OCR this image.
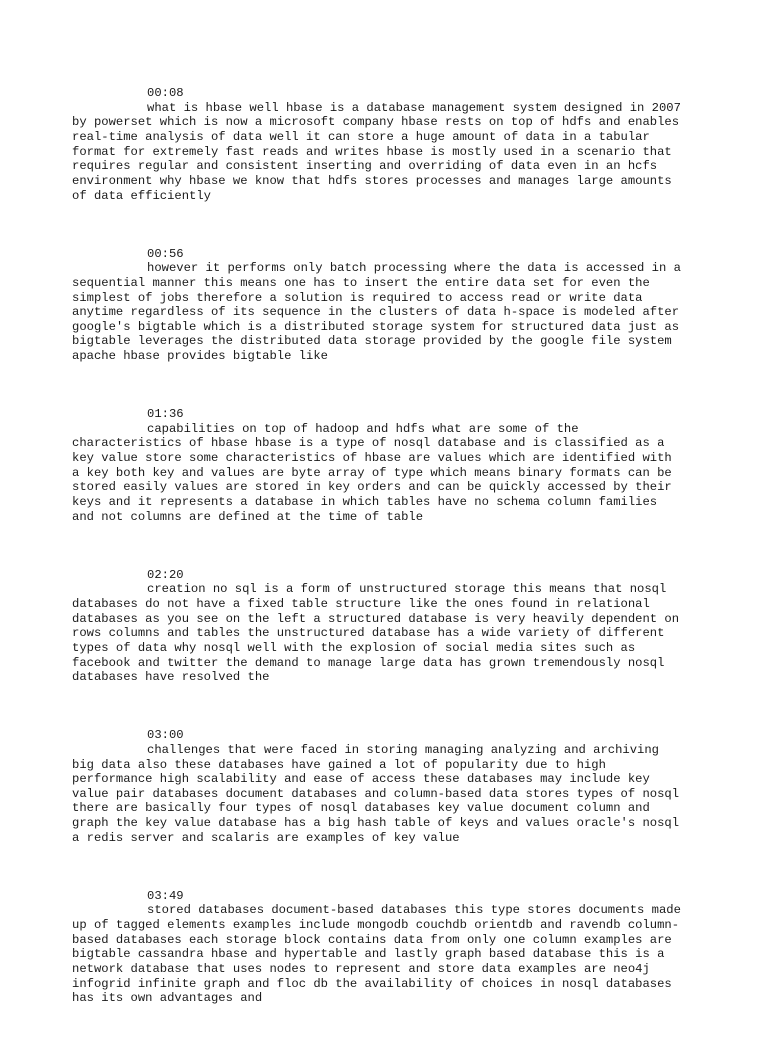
00:08
what is hbase well hbase is a database management system designed in 2007
by powerset which is now a microsoft company hbase rests on top of hdfs and enables
real-time analysis of data well it can store a huge amount of data in a tabular
format for extremely fast reads and writes hbase is mostly used in a scenario that
requires regular and consistent inserting and overriding of data even in an hcfs
environment why hbase we know that hdfs stores processes and manages large amounts
of data efficiently
00:56
however it performs only batch processing where the data is accessed in a
sequential manner this means one has to insert the entire data set for even the
simplest of jobs therefore a solution is required to access read or write data
anytime regardless of its sequence in the clusters of data h-space is modeled after
google's bigtable which is a distributed storage system for structured data just as
bigtable leverages the distributed data storage provided by the google file system
apache hbase provides bigtable like
01:36
capabilities on top of hadoop and hdfs what are some of the
characteristics of hbase hbase is a type of nosql database and is classified as a
key value store some characteristics of hbase are values which are identified with
a key both key and values are byte array of type which means binary formats can be
stored easily values are stored in key orders and can be quickly accessed by their
keys and it represents a database in which tables have no schema column families
and not columns are defined at the time of table
02:20
creation no sql is a form of unstructured storage this means that nosql
databases do not have a fixed table structure like the ones found in relational
databases as you see on the left a structured database is very heavily dependent on
rows columns and tables the unstructured database has a wide variety of different
types of data why nosql well with the explosion of social media sites such as
facebook and twitter the demand to manage large data has grown tremendously nosql
databases have resolved the
03:00
challenges that were faced in storing managing analyzing and archiving
big data also these databases have gained a lot of popularity due to high
performance high scalability and ease of access these databases may include key
value pair databases document databases and column-based data stores types of nosql
there are basically four types of nosql databases key value document column and
graph the key value database has a big hash table of keys and values oracle's nosql
a redis server and scalaris are examples of key value
03:49
stored databases document-based databases this type stores documents made
up of tagged elements examples include mongodb couchdb orientdb and ravendb column-
based databases each storage block contains data from only one column examples are
bigtable cassandra hbase and hypertable and lastly graph based database this is a
network database that uses nodes to represent and store data examples are neo4j
infogrid infinite graph and floc db the availability of choices in nosql databases
has its own advantages and
